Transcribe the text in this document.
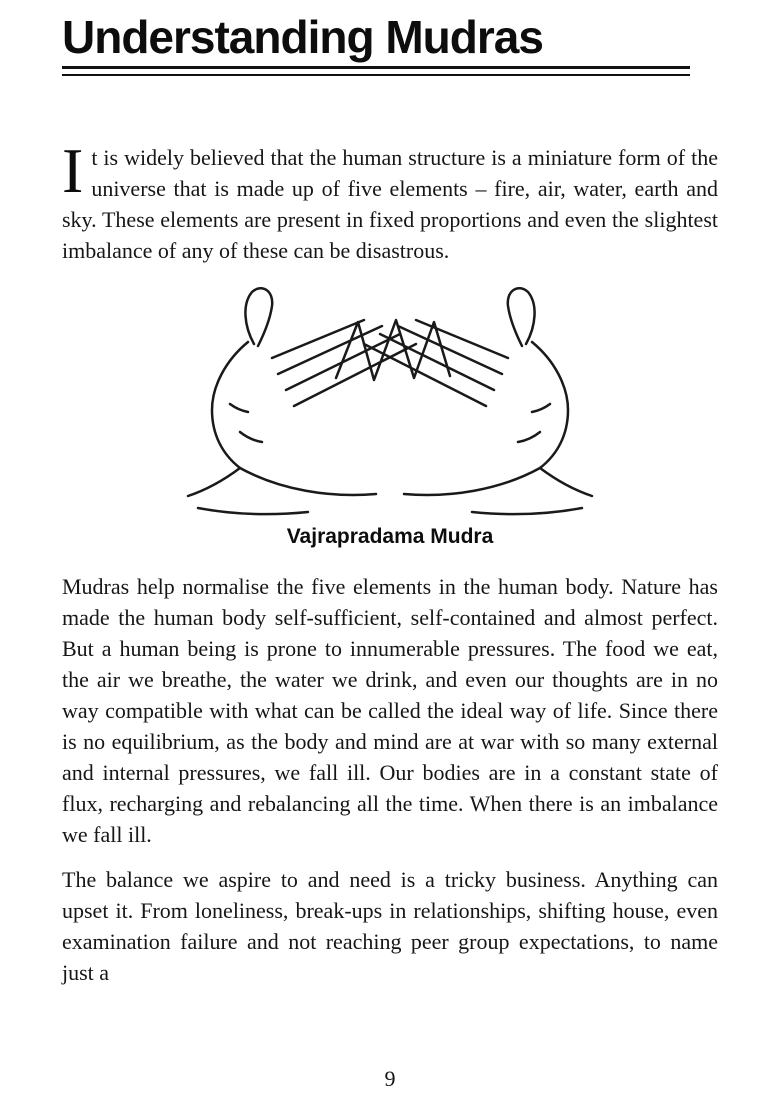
Understanding Mudras

It is widely believed that the human structure is a miniature form of the universe that is made up of five elements – fire, air, water, earth and sky. These elements are present in fixed proportions and even the slightest imbalance of any of these can be disastrous.

Vajrapradama Mudra

Mudras help normalise the five elements in the human body. Nature has made the human body self-sufficient, self-contained and almost perfect. But a human being is prone to innumerable pressures. The food we eat, the air we breathe, the water we drink, and even our thoughts are in no way compatible with what can be called the ideal way of life. Since there is no equilibrium, as the body and mind are at war with so many external and internal pressures, we fall ill. Our bodies are in a constant state of flux, recharging and rebalancing all the time. When there is an imbalance we fall ill.

The balance we aspire to and need is a tricky business. Anything can upset it. From loneliness, break-ups in relationships, shifting house, even examination failure and not reaching peer group expectations, to name just a

9
